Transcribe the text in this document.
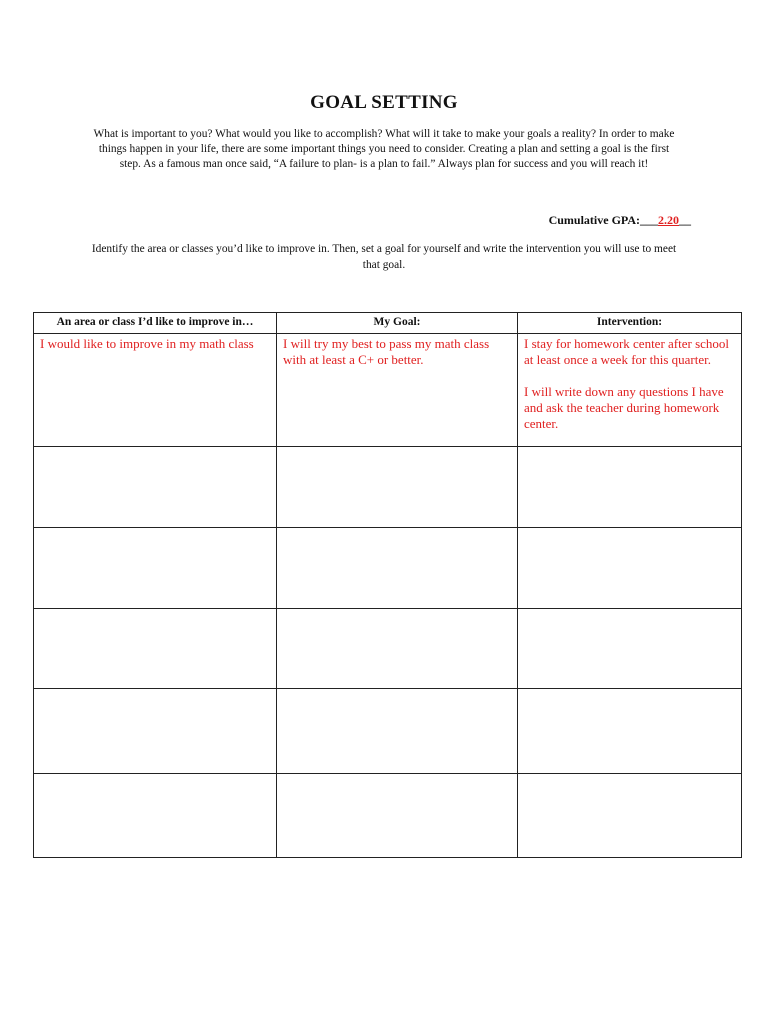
GOAL SETTING
What is important to you? What would you like to accomplish? What will it take to make your goals a reality? In order to make things happen in your life, there are some important things you need to consider. Creating a plan and setting a goal is the first step. As a famous man once said, “A failure to plan- is a plan to fail.” Always plan for success and you will reach it!
Cumulative GPA:___2.20__
Identify the area or classes you’d like to improve in. Then, set a goal for yourself and write the intervention you will use to meet that goal.
An area or class I’d like to improve in…	My Goal:	Intervention:

I would like to improve in my math class	I will try my best to pass my math class with at least a C+ or better.	I stay for homework center after school at least once a week for this quarter.

I will write down any questions I have and ask the teacher during homework center.
